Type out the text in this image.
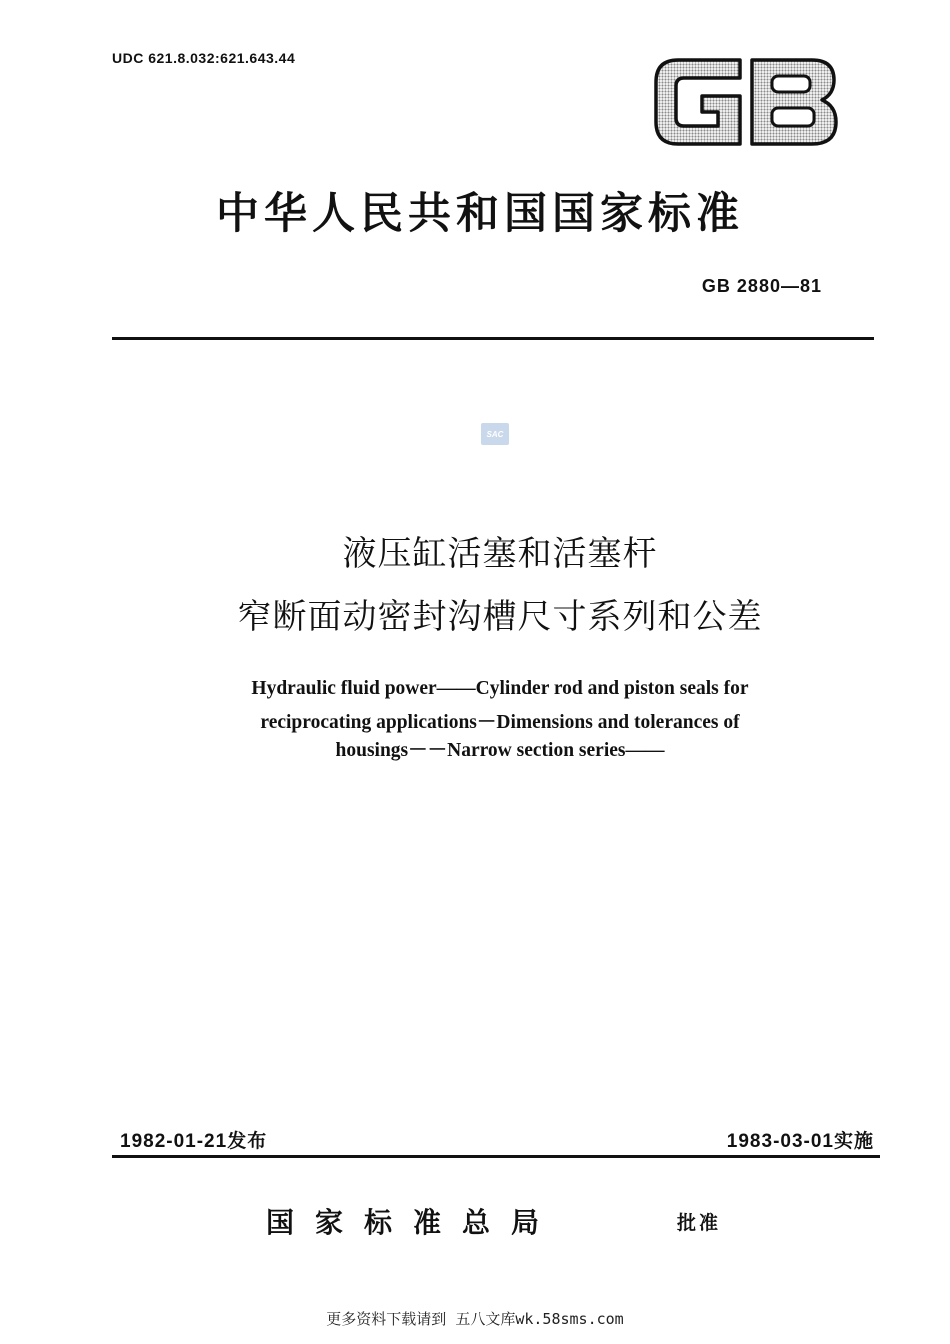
UDC 621.8.032:621.643.44	GB
中华人民共和国国家标准
GB 2880—81
SAC
液压缸活塞和活塞杆
窄断面动密封沟槽尺寸系列和公差
Hydraulic fluid power——Cylinder rod and piston seals for
reciprocating applications－Dimensions and tolerances of
housings－－Narrow section series——
1982-01-21发布	1983-03-01实施
国家标准总局	批准
更多资料下载请到 五八文库wk.58sms.com
